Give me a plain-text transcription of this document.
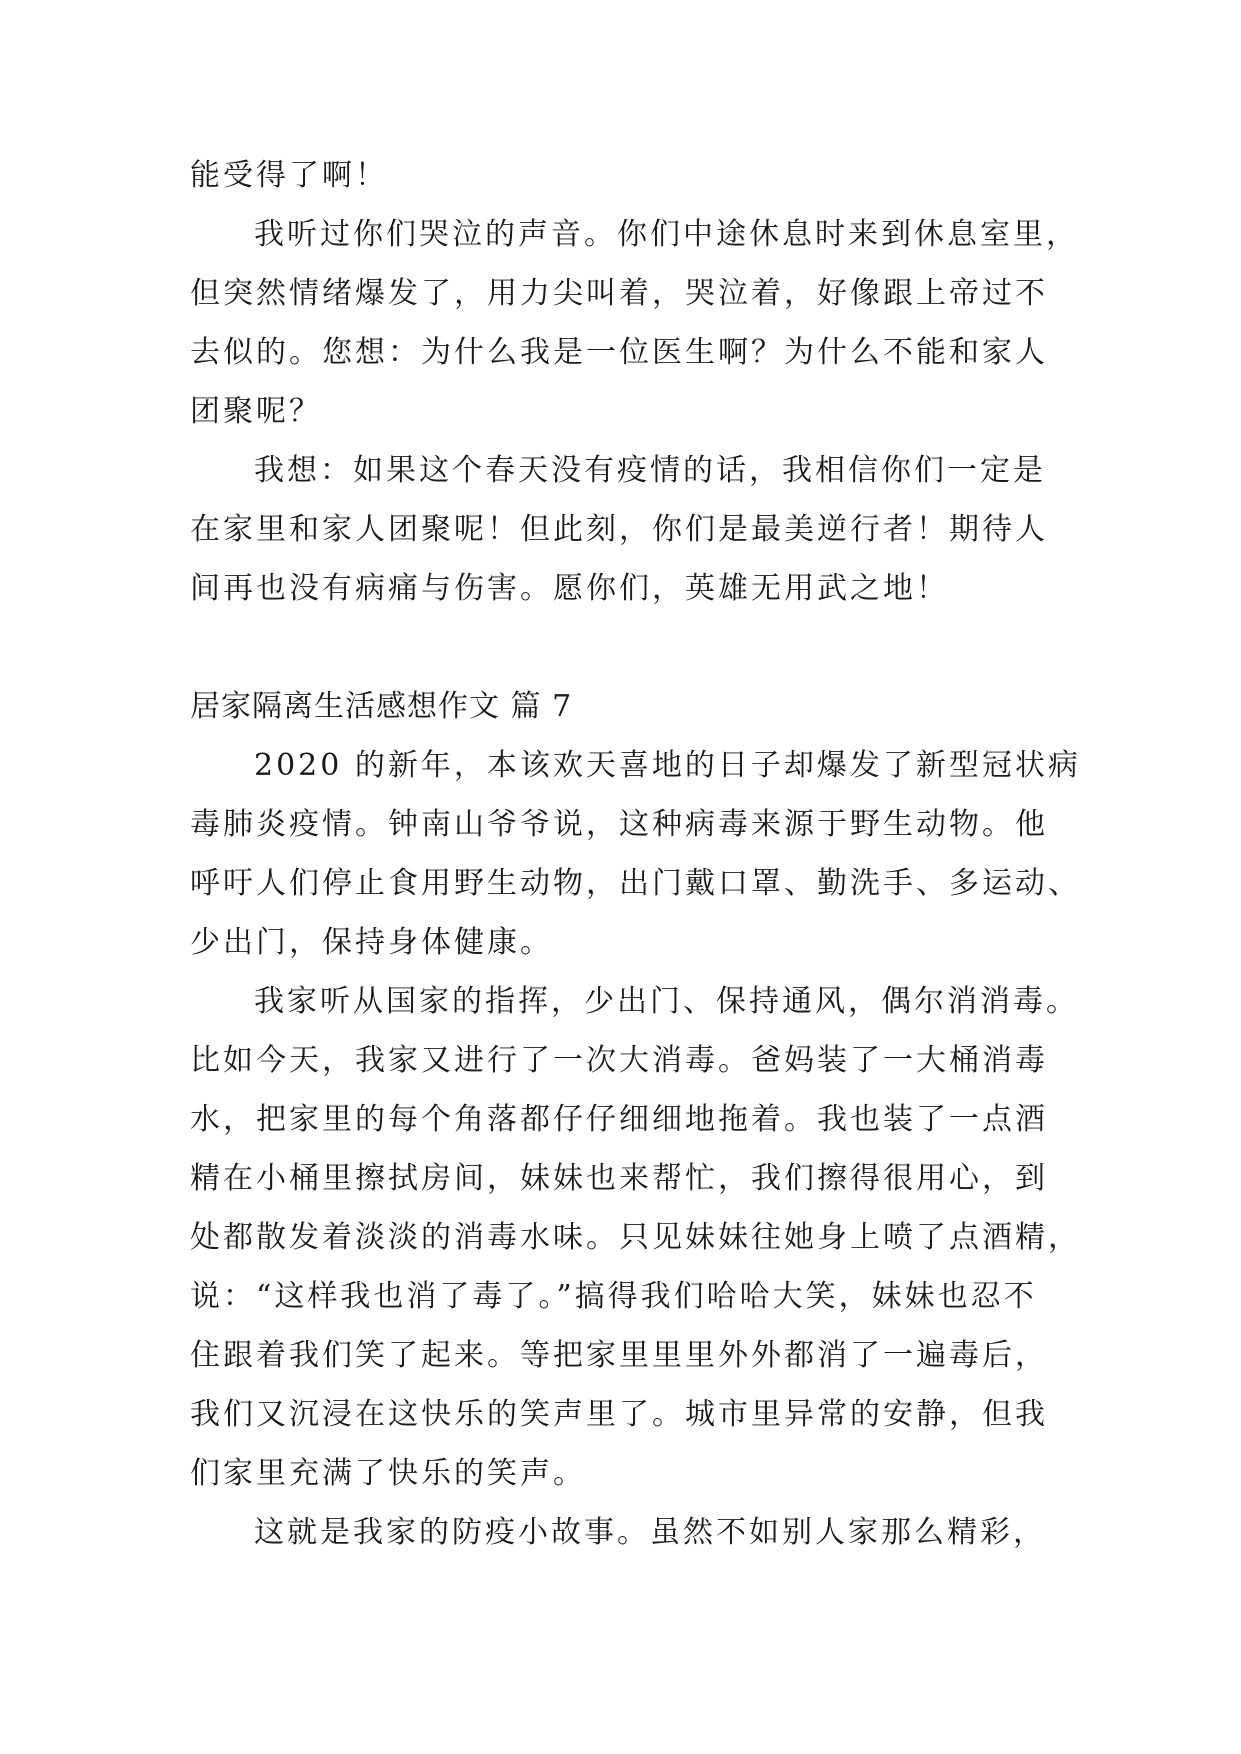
能受得了啊！
我听过你们哭泣的声音。你们中途休息时来到休息室里，
但突然情绪爆发了，用力尖叫着，哭泣着，好像跟上帝过不
去似的。您想：为什么我是一位医生啊？为什么不能和家人
团聚呢？
我想：如果这个春天没有疫情的话，我相信你们一定是
在家里和家人团聚呢！但此刻，你们是最美逆行者！期待人
间再也没有病痛与伤害。愿你们，英雄无用武之地！
居家隔离生活感想作文 篇 7
2020 的新年，本该欢天喜地的日子却爆发了新型冠状病
毒肺炎疫情。钟南山爷爷说，这种病毒来源于野生动物。他
呼吁人们停止食用野生动物，出门戴口罩、勤洗手、多运动、
少出门，保持身体健康。
我家听从国家的指挥，少出门、保持通风，偶尔消消毒。
比如今天，我家又进行了一次大消毒。爸妈装了一大桶消毒
水，把家里的每个角落都仔仔细细地拖着。我也装了一点酒
精在小桶里擦拭房间，妹妹也来帮忙，我们擦得很用心，到
处都散发着淡淡的消毒水味。只见妹妹往她身上喷了点酒精，
说：“这样我也消了毒了。”搞得我们哈哈大笑，妹妹也忍不
住跟着我们笑了起来。等把家里里里外外都消了一遍毒后，
我们又沉浸在这快乐的笑声里了。城市里异常的安静，但我
们家里充满了快乐的笑声。
这就是我家的防疫小故事。虽然不如别人家那么精彩，
